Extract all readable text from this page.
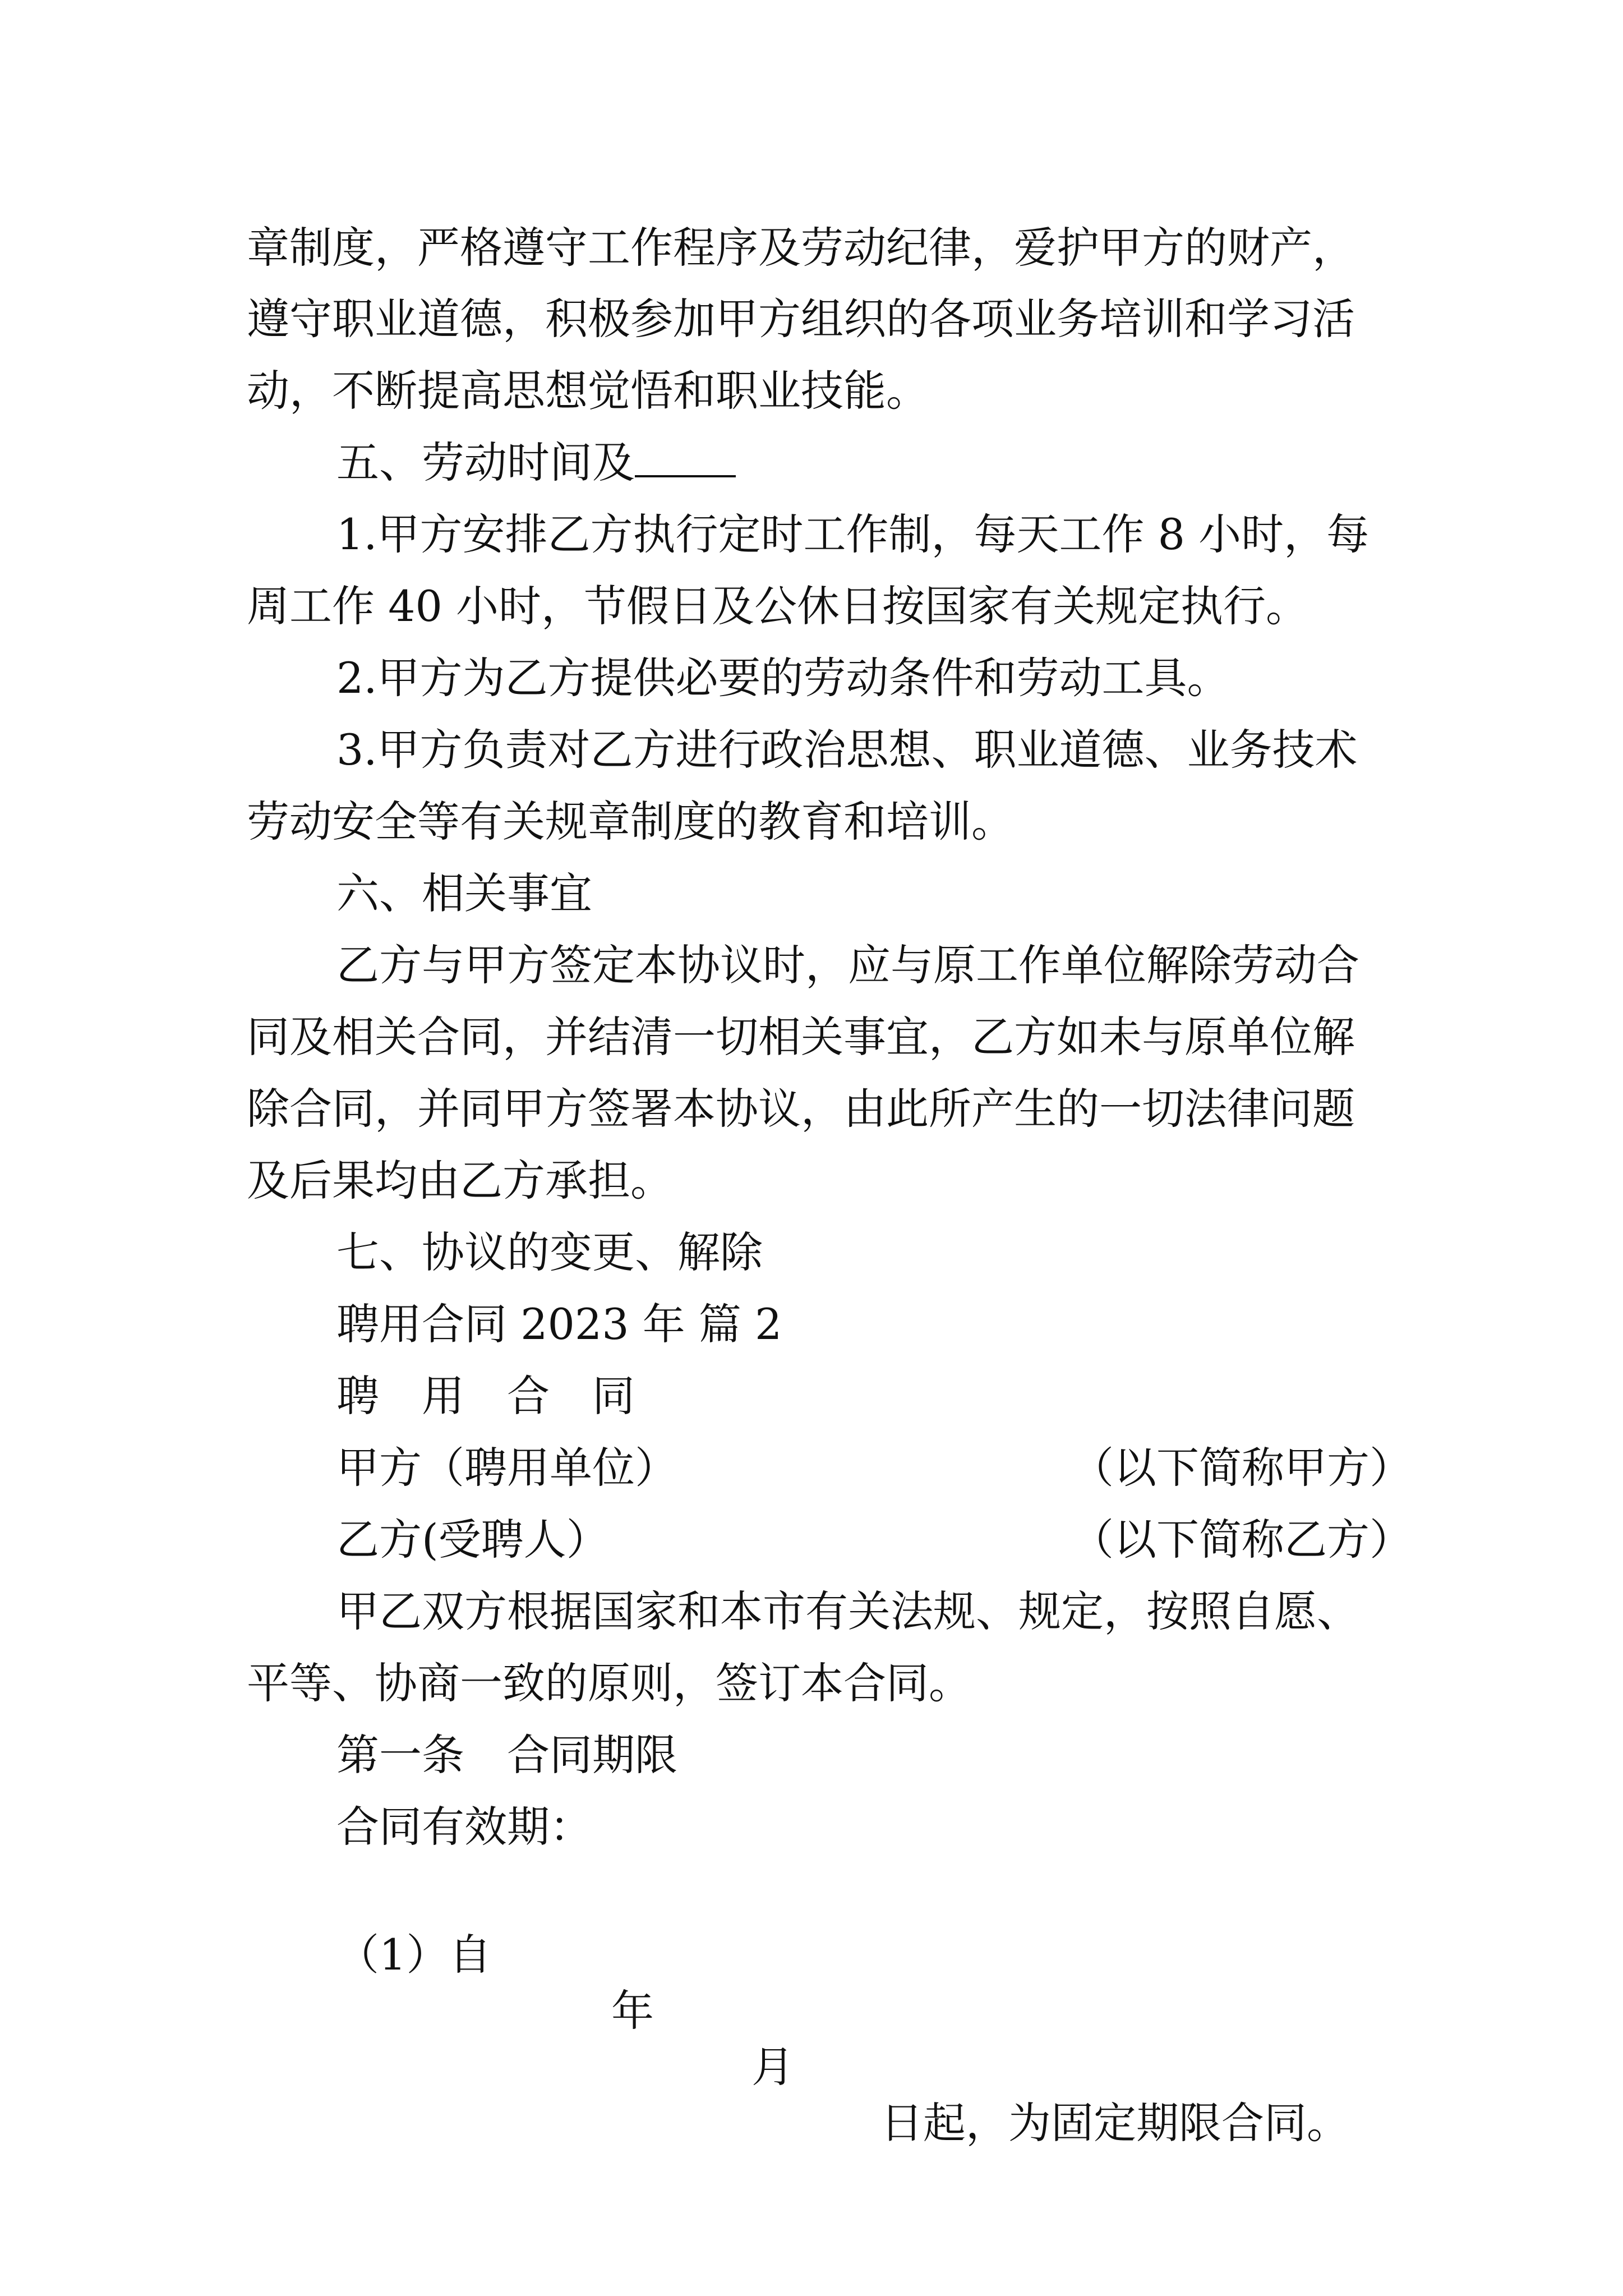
章制度，严格遵守工作程序及劳动纪律，爱护甲方的财产，
遵守职业道德，积极参加甲方组织的各项业务培训和学习活
动，不断提高思想觉悟和职业技能。
五、劳动时间及
1.甲方安排乙方执行定时工作制，每天工作 8 小时，每
周工作 40 小时，节假日及公休日按国家有关规定执行。
2.甲方为乙方提供必要的劳动条件和劳动工具。
3.甲方负责对乙方进行政治思想、职业道德、业务技术
劳动安全等有关规章制度的教育和培训。
六、相关事宜
乙方与甲方签定本协议时，应与原工作单位解除劳动合
同及相关合同，并结清一切相关事宜，乙方如未与原单位解
除合同，并同甲方签署本协议，由此所产生的一切法律问题
及后果均由乙方承担。
七、协议的变更、解除
聘用合同 2023 年 篇 2
聘　用　合　同
甲方（聘用单位）	（以下简称甲方）
乙方(受聘人）	（以下简称乙方）
甲乙双方根据国家和本市有关法规、规定，按照自愿、
平等、协商一致的原则，签订本合同。
第一条　合同期限
合同有效期：

（1）自

年

月

日起，为固定期限合同。
